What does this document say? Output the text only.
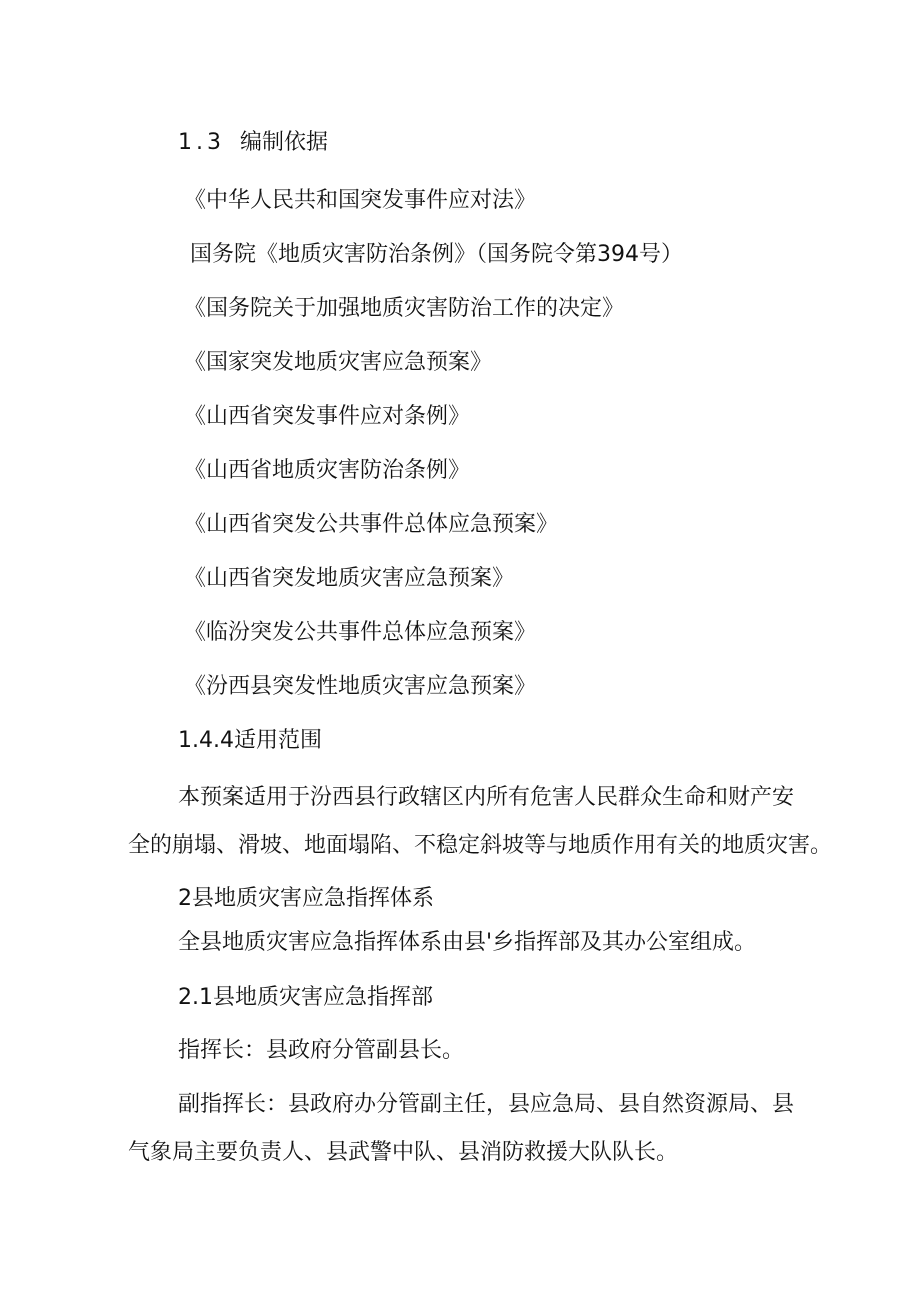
1.3 编制依据
《中华人民共和国突发事件应对法》
国务院《地质灾害防治条例》（国务院令第394号）
《国务院关于加强地质灾害防治工作的决定》
《国家突发地质灾害应急预案》
《山西省突发事件应对条例》
《山西省地质灾害防治条例》
《山西省突发公共事件总体应急预案》
《山西省突发地质灾害应急预案》
《临汾突发公共事件总体应急预案》
《汾西县突发性地质灾害应急预案》
1.4.4适用范围
本预案适用于汾西县行政辖区内所有危害人民群众生命和财产安
全的崩塌、滑坡、地面塌陷、不稳定斜坡等与地质作用有关的地质灾害。
2县地质灾害应急指挥体系
全县地质灾害应急指挥体系由县'乡指挥部及其办公室组成。
2.1县地质灾害应急指挥部
指挥长：县政府分管副县长。
副指挥长：县政府办分管副主任，县应急局、县自然资源局、县
气象局主要负责人、县武警中队、县消防救援大队队长。
